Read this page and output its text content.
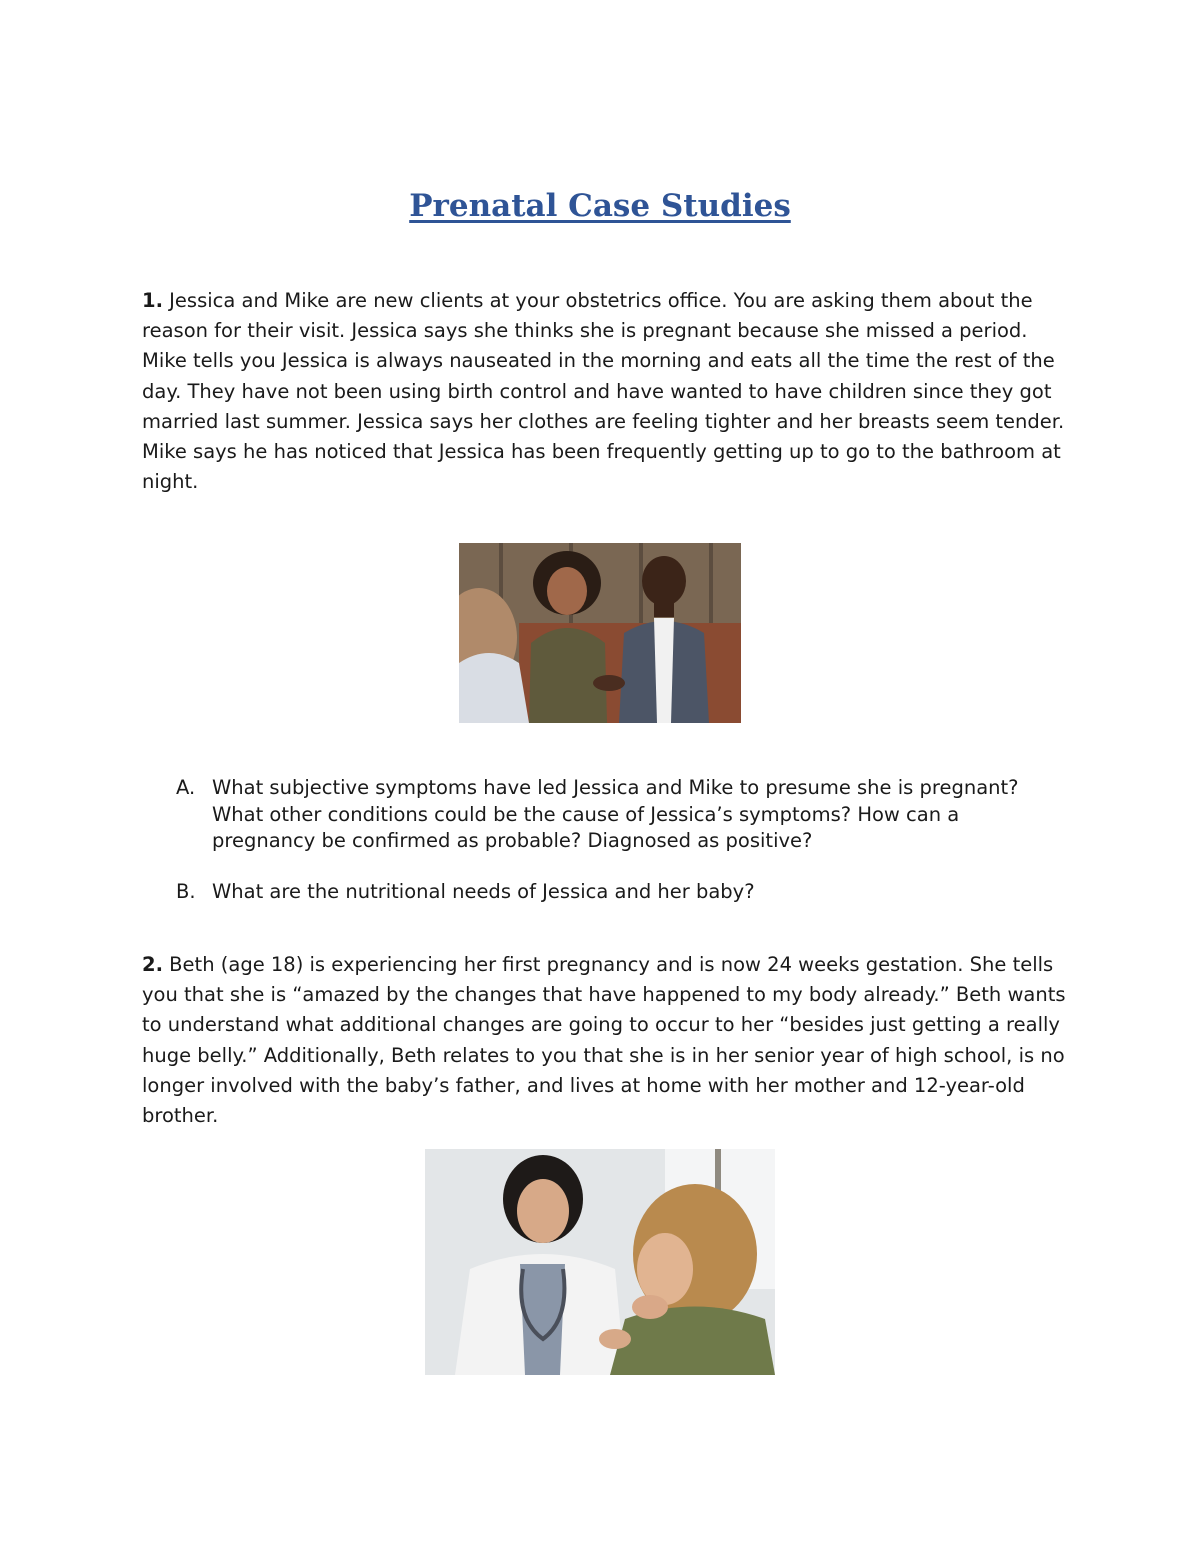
Prenatal Case Studies

1. Jessica and Mike are new clients at your obstetrics office. You are asking them about the reason for their visit. Jessica says she thinks she is pregnant because she missed a period. Mike tells you Jessica is always nauseated in the morning and eats all the time the rest of the day. They have not been using birth control and have wanted to have children since they got married last summer. Jessica says her clothes are feeling tighter and her breasts seem tender. Mike says he has noticed that Jessica has been frequently getting up to go to the bathroom at night.

A. What subjective symptoms have led Jessica and Mike to presume she is pregnant? What other conditions could be the cause of Jessica’s symptoms? How can a pregnancy be confirmed as probable? Diagnosed as positive?
B. What are the nutritional needs of Jessica and her baby?

2. Beth (age 18) is experiencing her first pregnancy and is now 24 weeks gestation. She tells you that she is “amazed by the changes that have happened to my body already.” Beth wants to understand what additional changes are going to occur to her “besides just getting a really huge belly.” Additionally, Beth relates to you that she is in her senior year of high school, is no longer involved with the baby’s father, and lives at home with her mother and 12-year-old brother.
